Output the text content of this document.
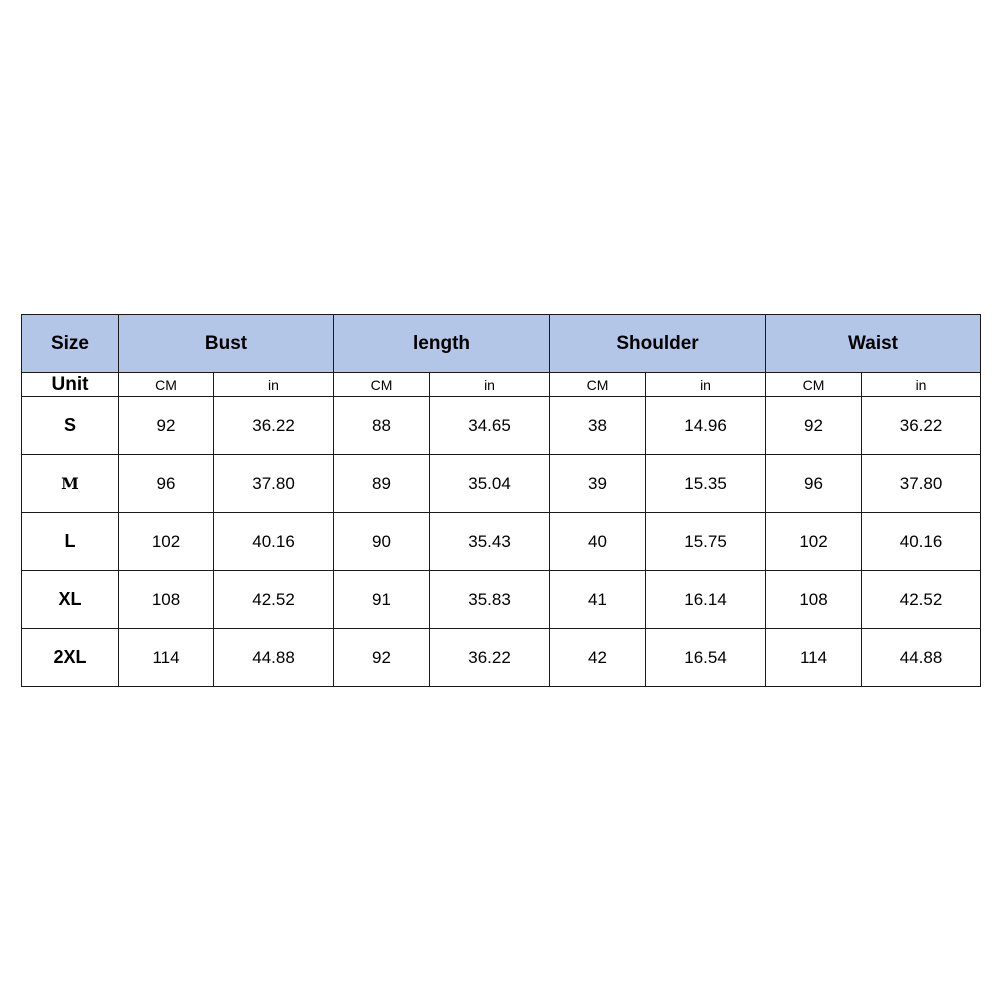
Size	Bust		length		Shoulder		Waist	
Unit	CM	in	CM	in	CM	in	CM	in
S	92	36.22	88	34.65	38	14.96	92	36.22
M	96	37.80	89	35.04	39	15.35	96	37.80
L	102	40.16	90	35.43	40	15.75	102	40.16
XL	108	42.52	91	35.83	41	16.14	108	42.52
2XL	114	44.88	92	36.22	42	16.54	114	44.88
